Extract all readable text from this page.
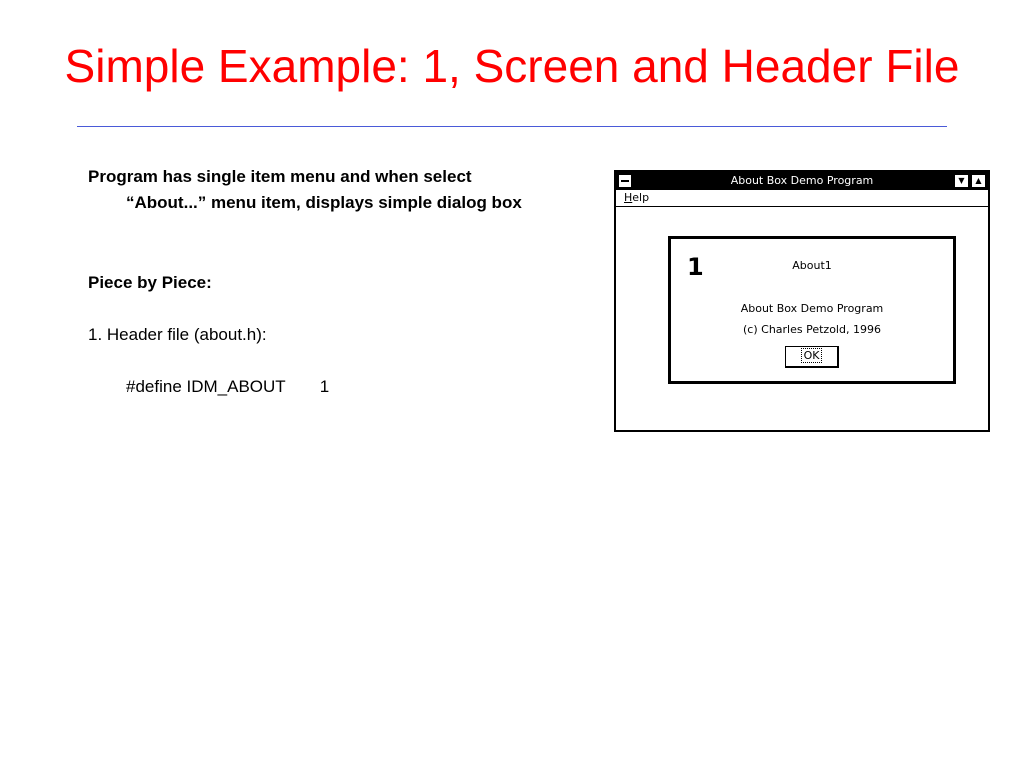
Simple Example: 1, Screen and Header File

Program has single item menu and when select “About...” menu item, displays simple dialog box

Piece by Piece:

1. Header file (about.h):

#define IDM_ABOUT 1

About Box Demo Program	▼	▲
Help
1	About1
About Box Demo Program
(c) Charles Petzold, 1996
OK
